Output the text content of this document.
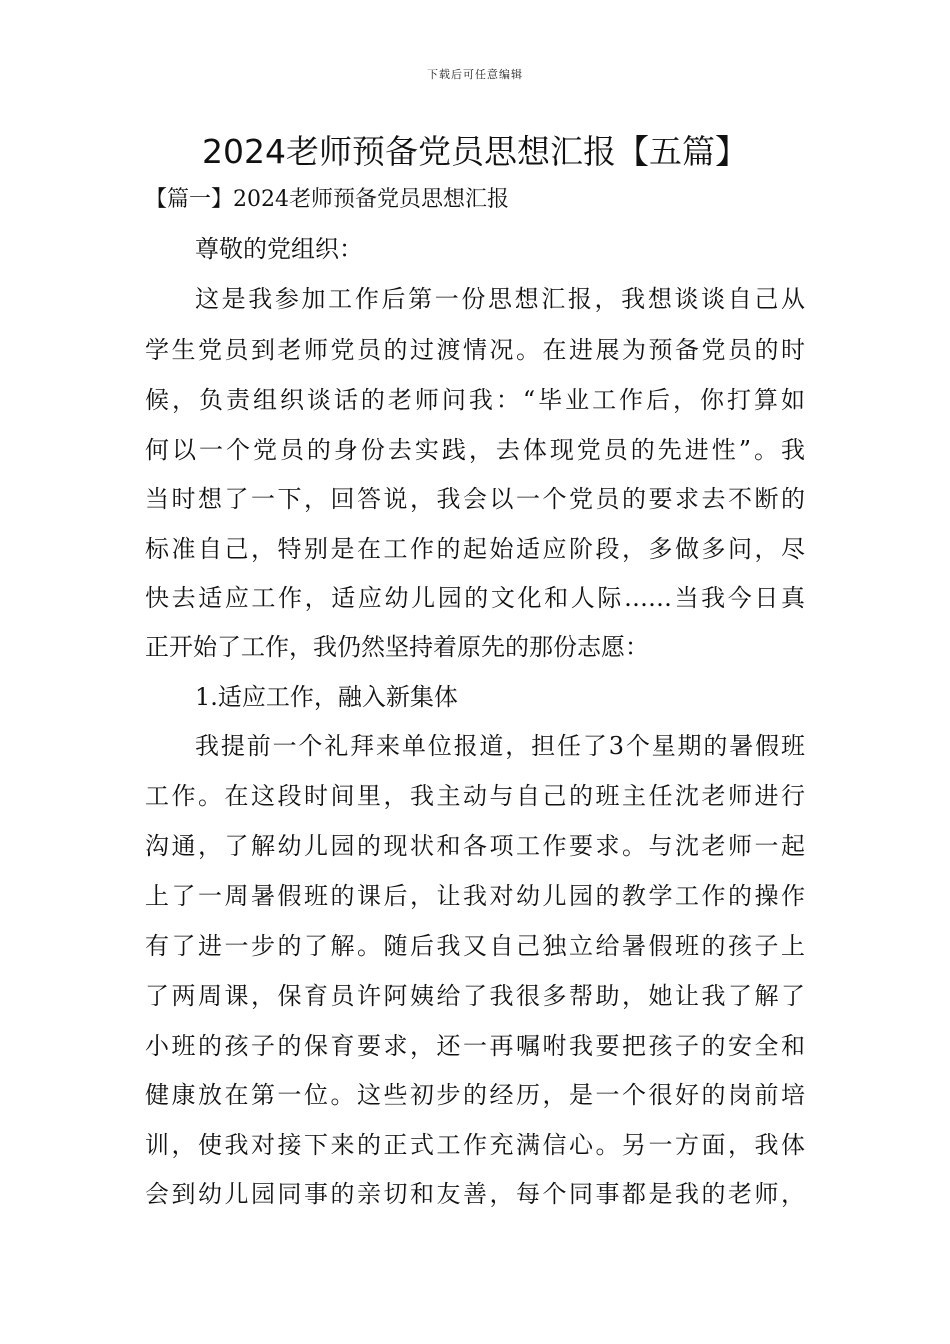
下载后可任意编辑
2024老师预备党员思想汇报【五篇】
【篇一】2024老师预备党员思想汇报
尊敬的党组织：
这是我参加工作后第一份思想汇报，我想谈谈自己从
学生党员到老师党员的过渡情况。在进展为预备党员的时
候，负责组织谈话的老师问我：“毕业工作后，你打算如
何以一个党员的身份去实践，去体现党员的先进性”。我
当时想了一下，回答说，我会以一个党员的要求去不断的
标准自己，特别是在工作的起始适应阶段，多做多问，尽
快去适应工作，适应幼儿园的文化和人际……当我今日真
正开始了工作，我仍然坚持着原先的那份志愿：
1.适应工作，融入新集体
我提前一个礼拜来单位报道，担任了3个星期的暑假班
工作。在这段时间里，我主动与自己的班主任沈老师进行
沟通，了解幼儿园的现状和各项工作要求。与沈老师一起
上了一周暑假班的课后，让我对幼儿园的教学工作的操作
有了进一步的了解。随后我又自己独立给暑假班的孩子上
了两周课，保育员许阿姨给了我很多帮助，她让我了解了
小班的孩子的保育要求，还一再嘱咐我要把孩子的安全和
健康放在第一位。这些初步的经历，是一个很好的岗前培
训，使我对接下来的正式工作充满信心。另一方面，我体
会到幼儿园同事的亲切和友善，每个同事都是我的老师，
